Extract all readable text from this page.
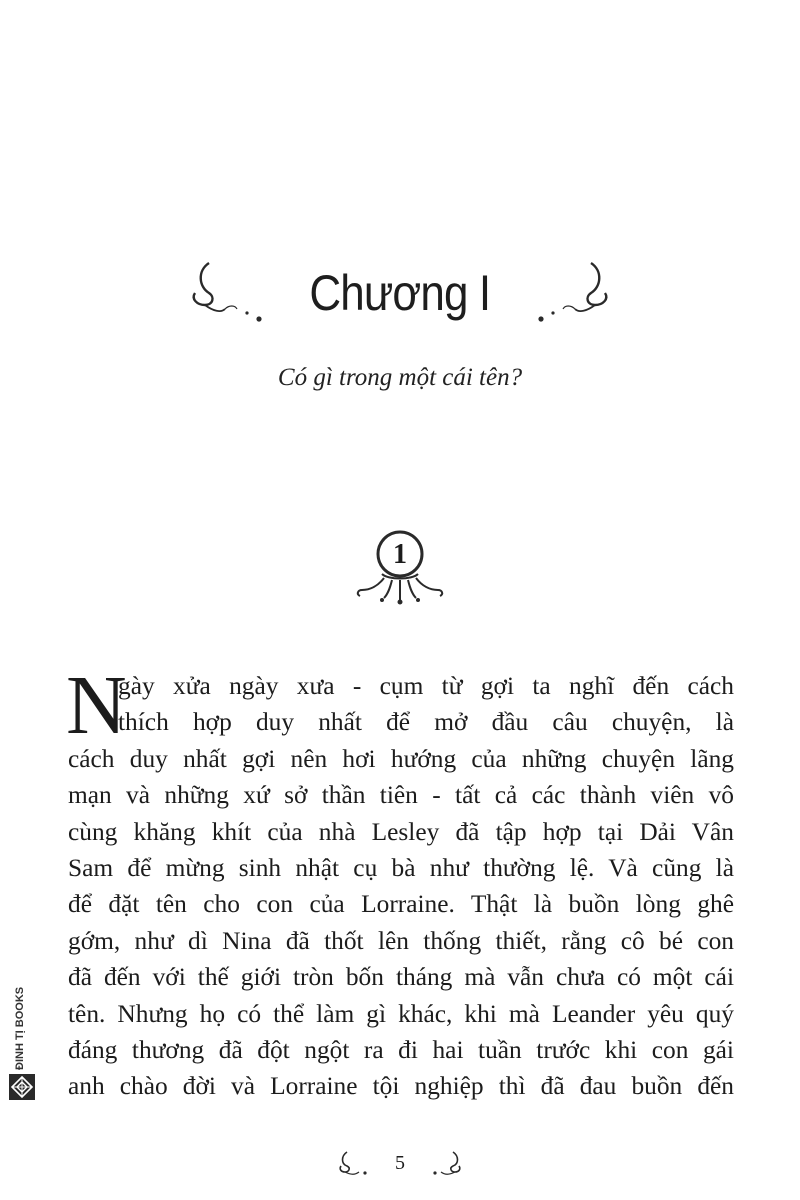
Chương I
Có gì trong một cái tên?
1
N
gày xửa ngày xưa - cụm từ gợi ta nghĩ đến cách
thích hợp duy nhất để mở đầu câu chuyện, là
cách duy nhất gợi nên hơi hướng của những chuyện lãng
mạn và những xứ sở thần tiên - tất cả các thành viên vô
cùng khăng khít của nhà Lesley đã tập hợp tại Dải Vân
Sam để mừng sinh nhật cụ bà như thường lệ. Và cũng là
để đặt tên cho con của Lorraine. Thật là buồn lòng ghê
gớm, như dì Nina đã thốt lên thống thiết, rằng cô bé con
đã đến với thế giới tròn bốn tháng mà vẫn chưa có một cái
tên. Nhưng họ có thể làm gì khác, khi mà Leander yêu quý
đáng thương đã đột ngột ra đi hai tuần trước khi con gái
anh chào đời và Lorraine tội nghiệp thì đã đau buồn đến
ĐINH TỊ BOOKS
5
